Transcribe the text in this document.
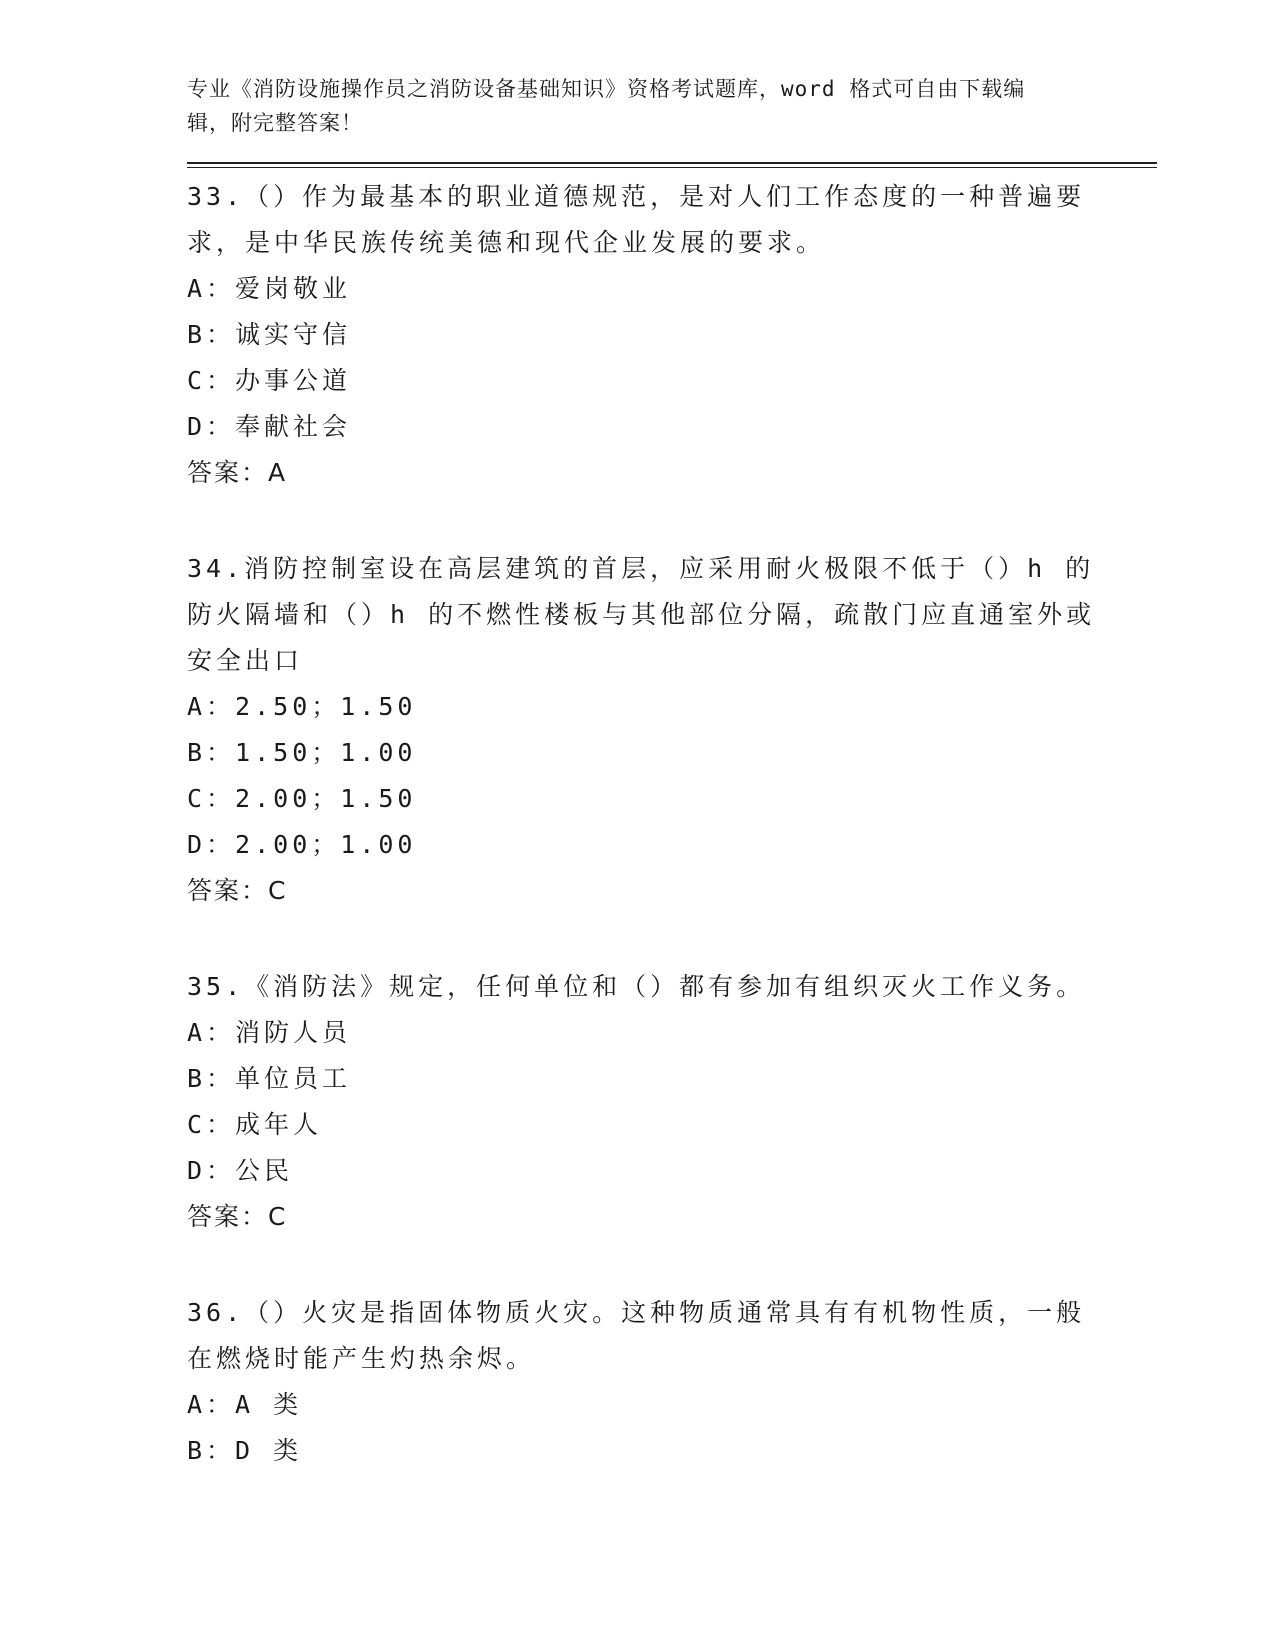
专业《消防设施操作员之消防设备基础知识》资格考试题库，word 格式可自由下载编辑，附完整答案！

33.（）作为最基本的职业道德规范，是对人们工作态度的一种普遍要求，是中华民族传统美德和现代企业发展的要求。

A：爱岗敬业

B：诚实守信

C：办事公道

D：奉献社会

答案：A

34.消防控制室设在高层建筑的首层，应采用耐火极限不低于（）h 的防火隔墙和（）h 的不燃性楼板与其他部位分隔，疏散门应直通室外或安全出口

A：2.50；1.50

B：1.50；1.00

C：2.00；1.50

D：2.00；1.00

答案：C

35.《消防法》规定，任何单位和（）都有参加有组织灭火工作义务。

A：消防人员

B：单位员工

C：成年人

D：公民

答案：C

36.（）火灾是指固体物质火灾。这种物质通常具有有机物性质，一般在燃烧时能产生灼热余烬。

A：A 类

B：D 类
